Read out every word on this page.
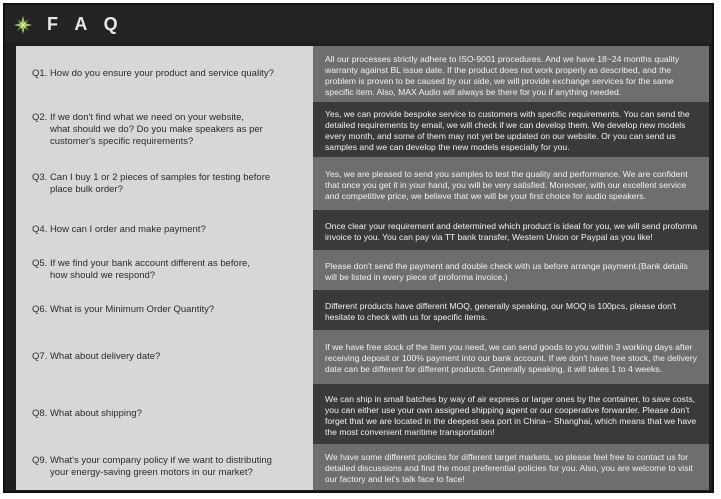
F A Q
Q1. How do you ensure your product and service quality?
All our processes strictly adhere to ISO-9001 procedures. And we have 18~24 months quality warranty against BL issue date. If the product does not work properly as described, and the problem is proven to be caused by our side, we will provide exchange services for the same specific item. Also, MAX Audio will always be there for you if anything needed.
Q2. If we don't find what we need on your website,
what should we do? Do you make speakers as per customer's specific requirements?
Yes, we can provide bespoke service to customers with specific requirements. You can send the detailed requirements by email, we will check if we can develop them. We develop new models every month, and some of them may not yet be updated on our website. Or you can send us samples and we can develop the new models especially for you.
Q3. Can I buy 1 or 2 pieces of samples for testing before
place bulk order?
Yes, we are pleased to send you samples to test the quality and performance. We are confident that once you get it in your hand, you will be very satisfied. Moreover, with our excellent service and competitive price, we believe that we will be your first choice for audio speakers.
Q4. How can I order and make payment?	Once clear your requirement and determined which product is ideal for you, we will send proforma invoice to you. You can pay via TT bank transfer, Western Union or Paypal as you like!
Q5. If we find your bank account different as before,
how should we respond?
Please don't send the payment and double check with us before arrange payment.(Bank details will be listed in every piece of proforma invoice.)
Q6. What is your Minimum Order Quantity?	Different products have different MOQ, generally speaking, our MOQ is 100pcs, please don't hesitate to check with us for specific items.
Q7. What about delivery date?
If we have free stock of the item you need, we can send goods to you within 3 working days after receiving deposit or 100% payment into our bank account. If we don't have free stock, the delivery date can be different for different products. Generally speaking, it will takes 1 to 4 weeks.
Q8. What about shipping?
We can ship in small batches by way of air express or larger ones by the container, to save costs, you can either use your own assigned shipping agent or our cooperative forwarder. Please don't forget that we are located in the deepest sea port in China-- Shanghai, which means that we have the most convenient maritime transportation!
Q9. What's your company policy if we want to distributing
your energy-saving green motors in our market?
We have some different policies for different target markets, so please feel free to contact us for detailed discussions and find the most preferential policies for you. Also, you are welcome to visit our factory and let's talk face to face!
